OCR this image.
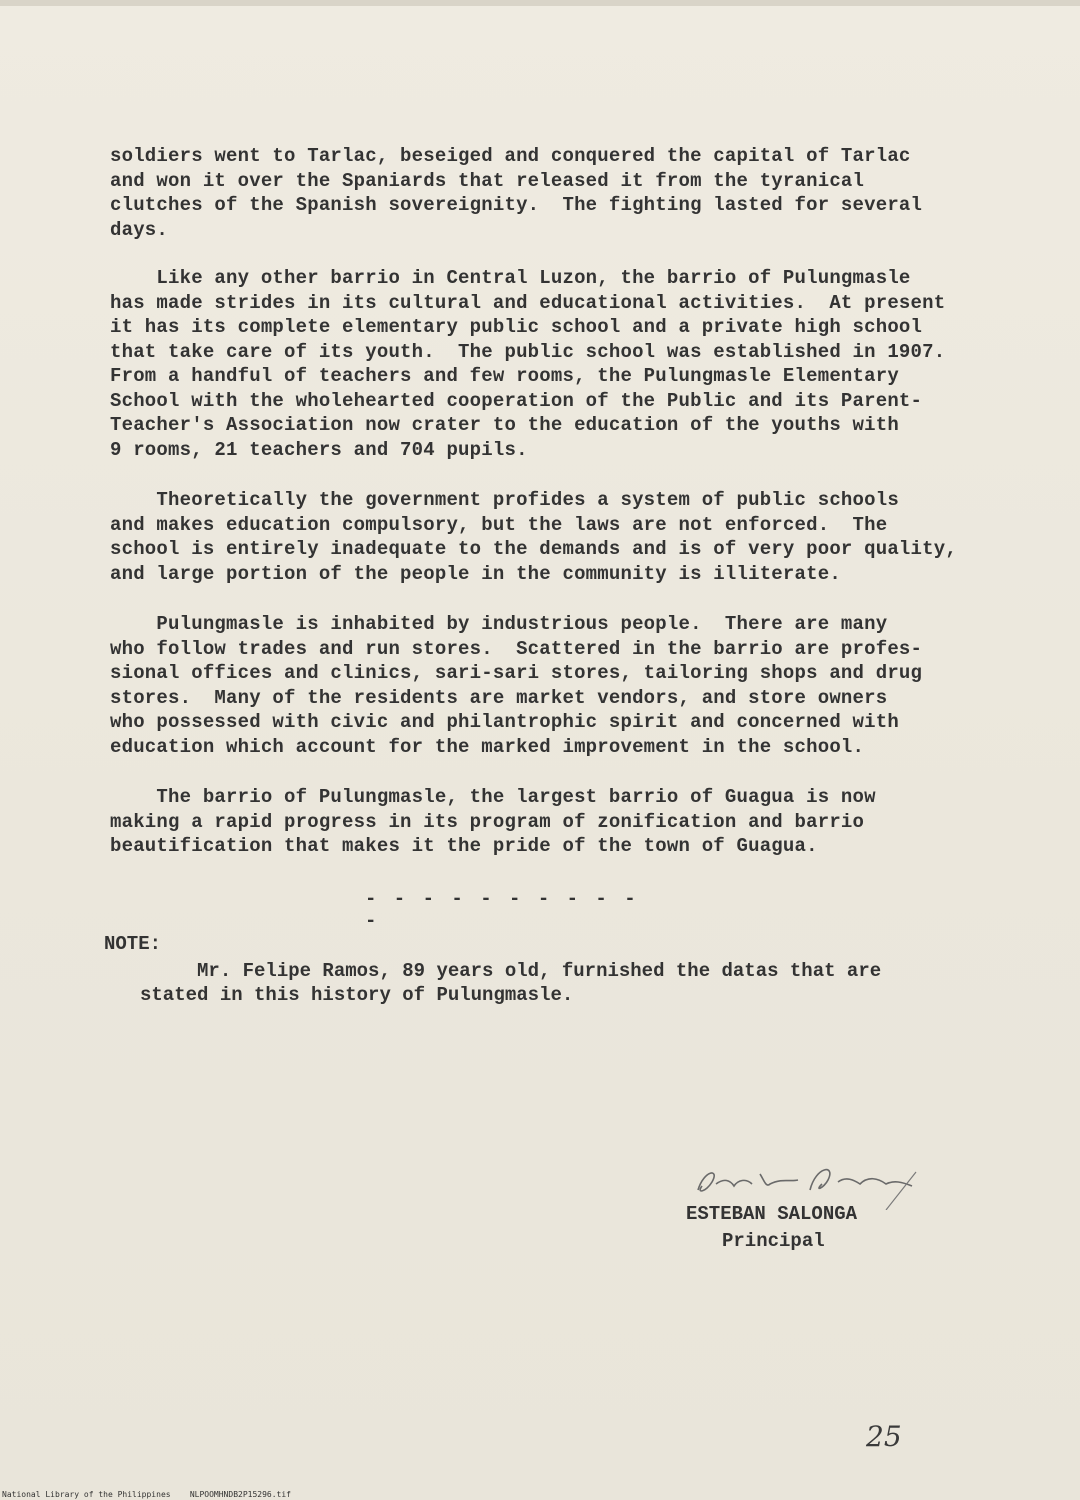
soldiers went to Tarlac, beseiged and conquered the capital of Tarlac
and won it over the Spaniards that released it from the tyranical
clutches of the Spanish sovereignity.  The fighting lasted for several
days.
Like any other barrio in Central Luzon, the barrio of Pulungmasle
has made strides in its cultural and educational activities.  At present
it has its complete elementary public school and a private high school
that take care of its youth.  The public school was established in 1907.
From a handful of teachers and few rooms, the Pulungmasle Elementary
School with the wholehearted cooperation of the Public and its Parent-
Teacher's Association now crater to the education of the youths with
9 rooms, 21 teachers and 704 pupils.
Theoretically the government profides a system of public schools
and makes education compulsory, but the laws are not enforced.  The
school is entirely inadequate to the demands and is of very poor quality,
and large portion of the people in the community is illiterate.
Pulungmasle is inhabited by industrious people.  There are many
who follow trades and run stores.  Scattered in the barrio are profes-
sional offices and clinics, sari-sari stores, tailoring shops and drug
stores.  Many of the residents are market vendors, and store owners
who possessed with civic and philantrophic spirit and concerned with
education which account for the marked improvement in the school.
The barrio of Pulungmasle, the largest barrio of Guagua is now
making a rapid progress in its program of zonification and barrio
beautification that makes it the pride of the town of Guagua.
- - - - - - - - - - -
NOTE:
Mr. Felipe Ramos, 89 years old, furnished the datas that are
stated in this history of Pulungmasle.
ESTEBAN SALONGA
Principal
25
National Library of the Philippines    NLPOOMHNDB2P15296.tif
